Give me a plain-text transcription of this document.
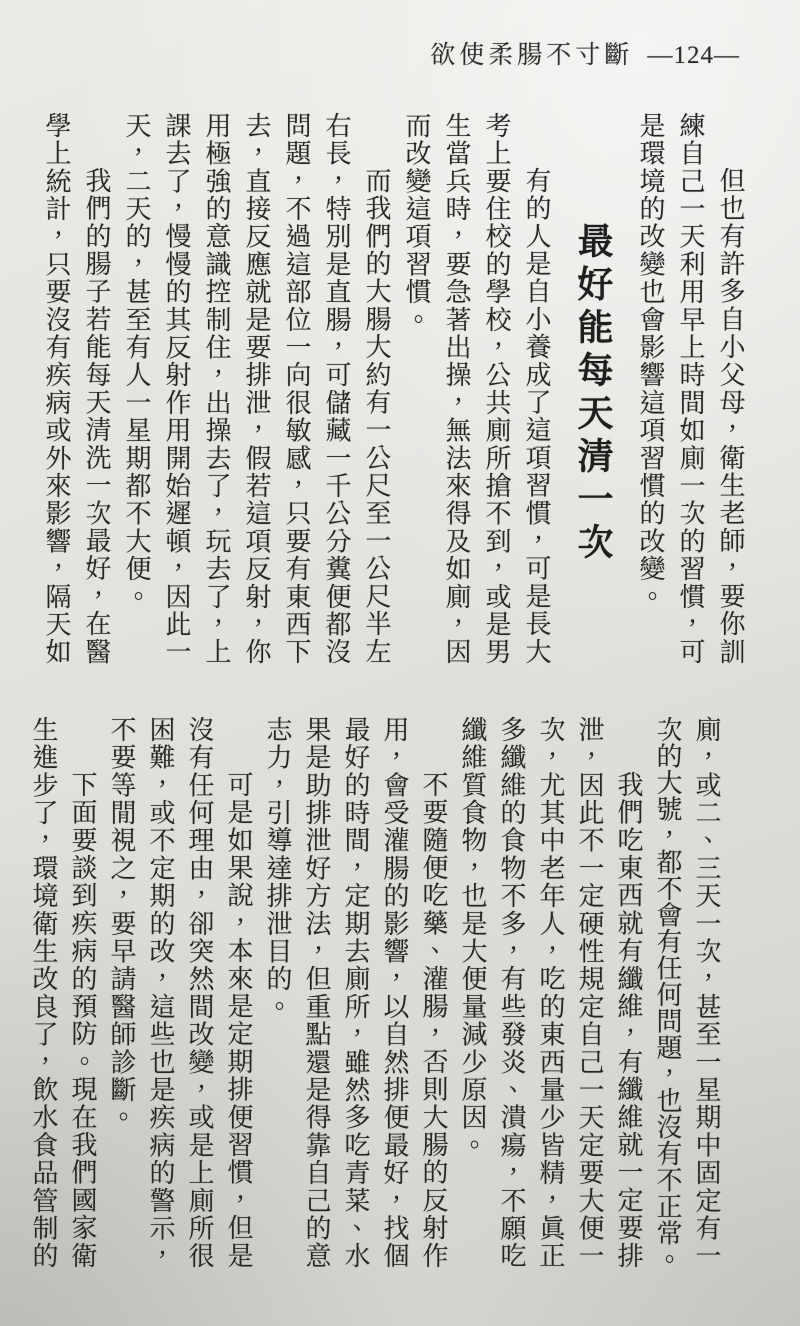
欲使柔腸不寸斷 —124—

但也有許多自小父母，衛生老師，要你訓練自己一天利用早上時間如廁一次的習慣，可是環境的改變也會影響這項習慣的改變。

最好能每天清一次

有的人是自小養成了這項習慣，可是長大考上要住校的學校，公共廁所搶不到，或是男生當兵時，要急著出操，無法來得及如廁，因而改變這項習慣。

而我們的大腸大約有一公尺至一公尺半左右長，特別是直腸，可儲藏一千公分糞便都沒問題，不過這部位一向很敏感，只要有東西下去，直接反應就是要排泄，假若這項反射，你用極強的意識控制住，出操去了，玩去了，上課去了，慢慢的其反射作用開始遲頓，因此一天，二天的，甚至有人一星期都不大便。

我們的腸子若能每天清洗一次最好，在醫學上統計，只要沒有疾病或外來影響，隔天如

廁，或二、三天一次，甚至一星期中固定有一

次的大號，都不會有任何問題，也沒有不正常。

我們吃東西就有纖維，有纖維就一定要排泄，因此不一定硬性規定自己一天定要大便一次，尤其中老年人，吃的東西量少皆精，眞正多纖維的食物不多，有些發炎、潰瘍，不願吃纖維質食物，也是大便量減少原因。

不要隨便吃藥、灌腸，否則大腸的反射作用，會受灌腸的影響，以自然排便最好，找個最好的時間，定期去廁所，雖然多吃青菜、水果是助排泄好方法，但重點還是得靠自己的意志力，引導達排泄目的。

可是如果說，本來是定期排便習慣，但是沒有任何理由，卻突然間改變，或是上廁所很困難，或不定期的改，這些也是疾病的警示，不要等閒視之，要早請醫師診斷。

下面要談到疾病的預防。現在我們國家衛生進步了，環境衛生改良了，飲水食品管制的
